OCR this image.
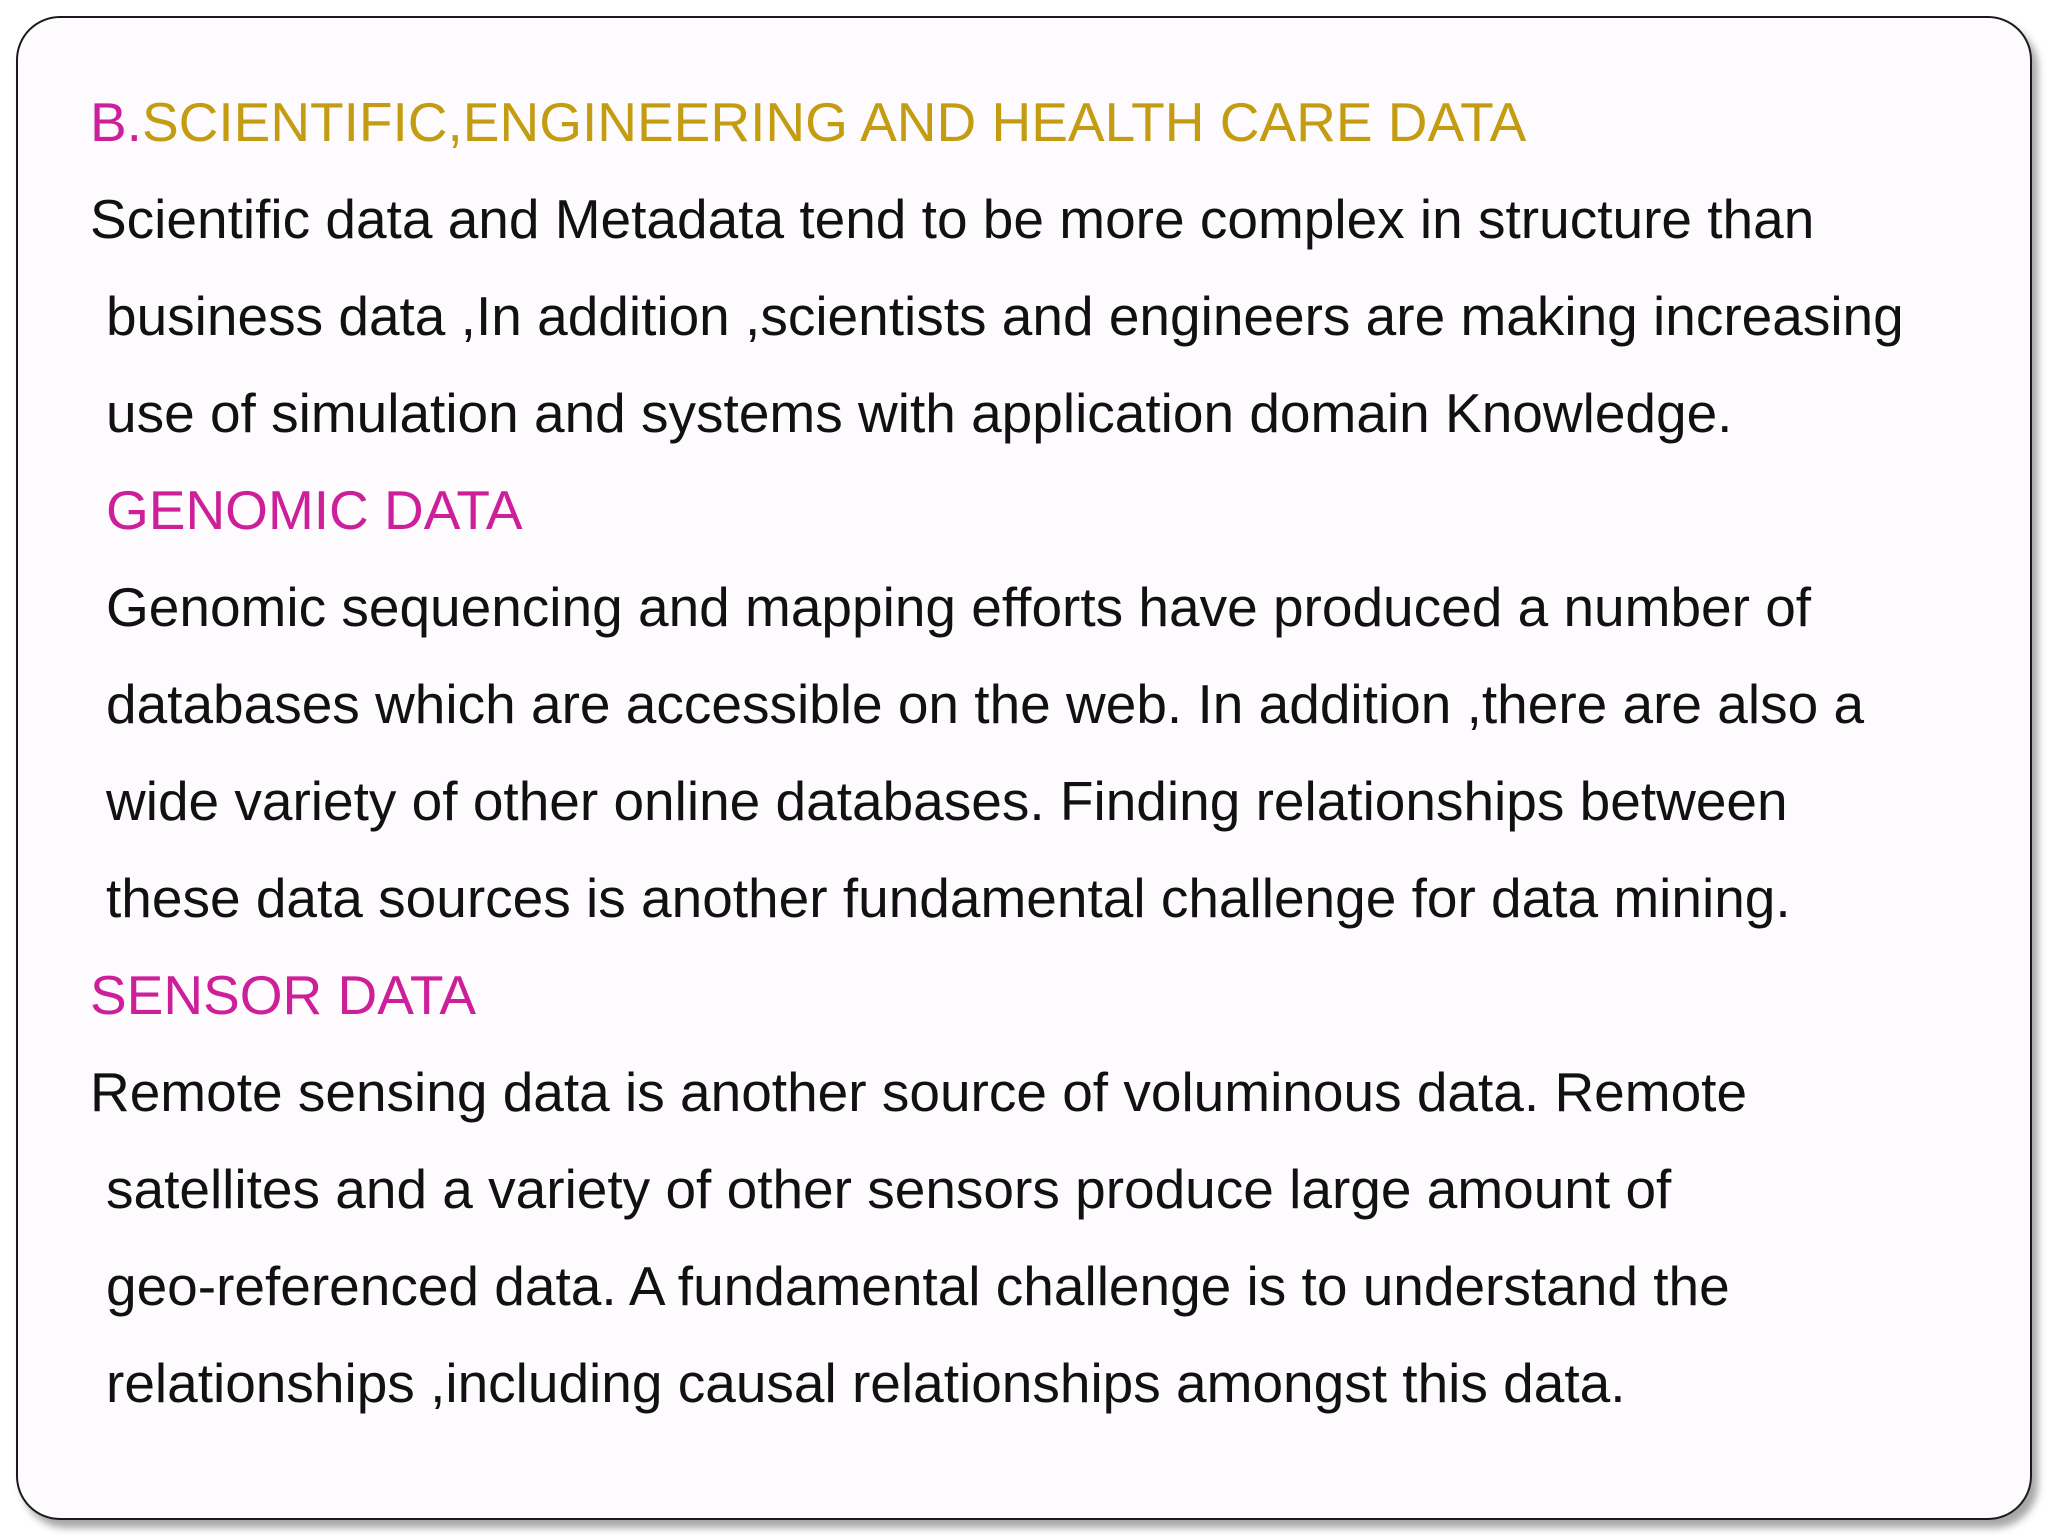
B.SCIENTIFIC,ENGINEERING AND HEALTH CARE DATA
Scientific data and Metadata tend to be more complex in structure than
business data ,In addition ,scientists and engineers are making increasing
use of simulation and systems with application domain Knowledge.
GENOMIC DATA
Genomic sequencing and mapping efforts have produced a number of
databases which are accessible on the web. In addition ,there are also a
wide variety of other online databases. Finding relationships between
these data sources is another fundamental challenge for data mining.
SENSOR DATA
Remote sensing data is another source of voluminous data. Remote
satellites and a variety of other sensors produce large amount of
geo-referenced data. A fundamental challenge is to understand the
relationships ,including causal relationships amongst this data.
